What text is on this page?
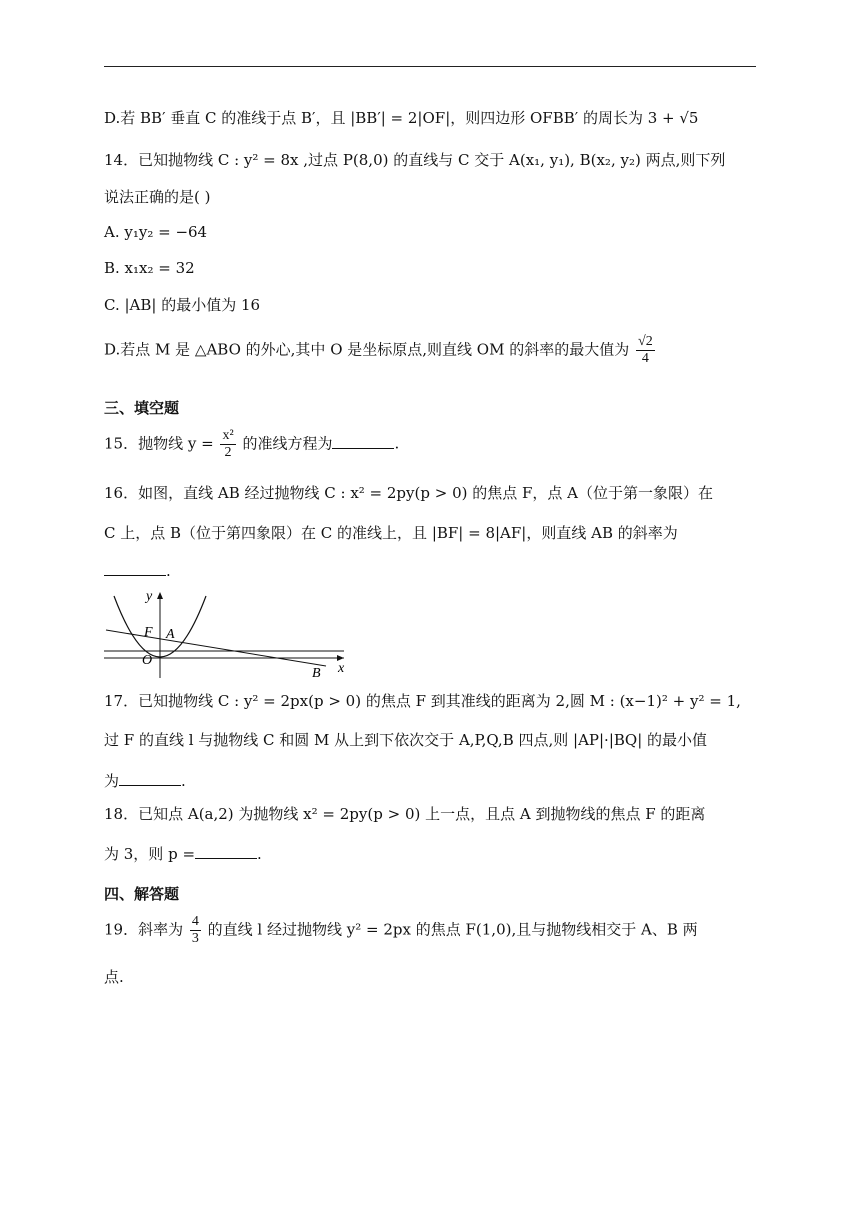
D.若 BB′ 垂直 C 的准线于点 B′，且 |BB′| = 2|OF|，则四边形 OFBB′ 的周长为 3 + √5
14．已知抛物线 C : y² = 8x ,过点 P(8,0) 的直线与 C 交于 A(x₁, y₁), B(x₂, y₂) 两点,则下列
说法正确的是( )
A. y₁y₂ = −64
B. x₁x₂ = 32
C. |AB| 的最小值为 16
D.若点 M 是 △ABO 的外心,其中 O 是坐标原点,则直线 OM 的斜率的最大值为 $\frac{√2}{4}$
三、填空题
15．抛物线 $y = \frac{\text{x²}}{2}$ 的准线方程为	.
16．如图，直线 AB 经过抛物线 C : x² = 2py(p > 0) 的焦点 F，点 A（位于第一象限）在
C 上，点 B（位于第四象限）在 C 的准线上，且 |BF| = 8|AF|，则直线 AB 的斜率为
.
y
x
F A
O
B
17．已知抛物线 C : y² = 2px(p > 0) 的焦点 F 到其准线的距离为 2,圆 M : (x−1)² + y² = 1,
过 F 的直线 l 与抛物线 C 和圆 M 从上到下依次交于 A,P,Q,B 四点,则 |AP|·|BQ| 的最小值
为	.
18．已知点 A(a,2) 为抛物线 x² = 2py(p > 0) 上一点，且点 A 到抛物线的焦点 F 的距离
为 3，则 p =	.
四、解答题
19．斜率为 $\frac{4}{3}$ 的直线 l 经过抛物线 y² = 2px 的焦点 F(1,0),且与抛物线相交于 A、B 两
点.
